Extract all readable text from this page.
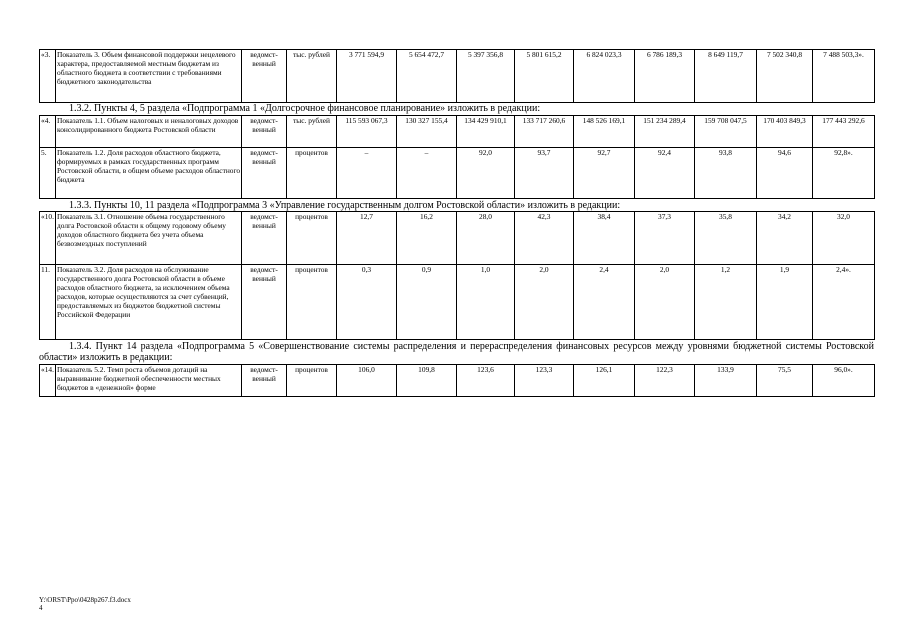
«3.	Показатель 3. Объем финансовой поддержки нецелевого характера, предоставляемой местным бюджетам из областного бюджета в соответствии с требованиями бюджетного законодательства	ведомст-венный	тыс. рублей	3 771 594,9	5 654 472,7	5 397 356,8	5 801 615,2	6 824 023,3	6 786 189,3	8 649 119,7	7 502 340,8	7 488 503,3».
1.3.2. Пункты 4, 5 раздела «Подпрограмма 1 «Долгосрочное финансовое планирование» изложить в редакции:
«4.	Показатель 1.1. Объем налоговых и неналоговых доходов консолидированного бюджета Ростовской области	ведомст-венный	тыс. рублей	115 593 067,3	130 327 155,4	134 429 910,1	133 717 260,6	148 526 169,1	151 234 289,4	159 708 047,5	170 403 849,3	177 443 292,6
5.	Показатель 1.2. Доля расходов областного бюджета, формируемых в рамках государственных программ Ростовской области, в общем объеме расходов областного бюджета	ведомст-венный	процентов	–	–	92,0	93,7	92,7	92,4	93,8	94,6	92,8».
1.3.3. Пункты 10, 11 раздела «Подпрограмма 3 «Управление государственным долгом Ростовской области» изложить в редакции:
«10.	Показатель 3.1. Отношение объема государственного долга Ростовской области к общему годовому объему доходов областного бюджета без учета объема безвозмездных поступлений	ведомст-венный	процентов	12,7	16,2	28,0	42,3	38,4	37,3	35,8	34,2	32,0
11.	Показатель 3.2. Доля расходов на обслуживание государственного долга Ростовской области в объеме расходов областного бюджета, за исключением объема расходов, которые осуществляются за счет субвенций, предоставляемых из бюджетов бюджетной системы Российской Федерации	ведомст-венный	процентов	0,3	0,9	1,0	2,0	2,4	2,0	1,2	1,9	2,4».
1.3.4. Пункт 14 раздела «Подпрограмма 5 «Совершенствование системы распределения и перераспределения финансовых ресурсов между уровнями бюджетной системы Ростовской области» изложить в редакции:
«14.	Показатель 5.2. Темп роста объемов дотаций на выравнивание бюджетной обеспеченности местных бюджетов в «денежной» форме	ведомст-венный	процентов	106,0	109,8	123,6	123,3	126,1	122,3	133,9	75,5	96,0».
Y:\ORST\Ppo\0428p267.f3.docx
4
